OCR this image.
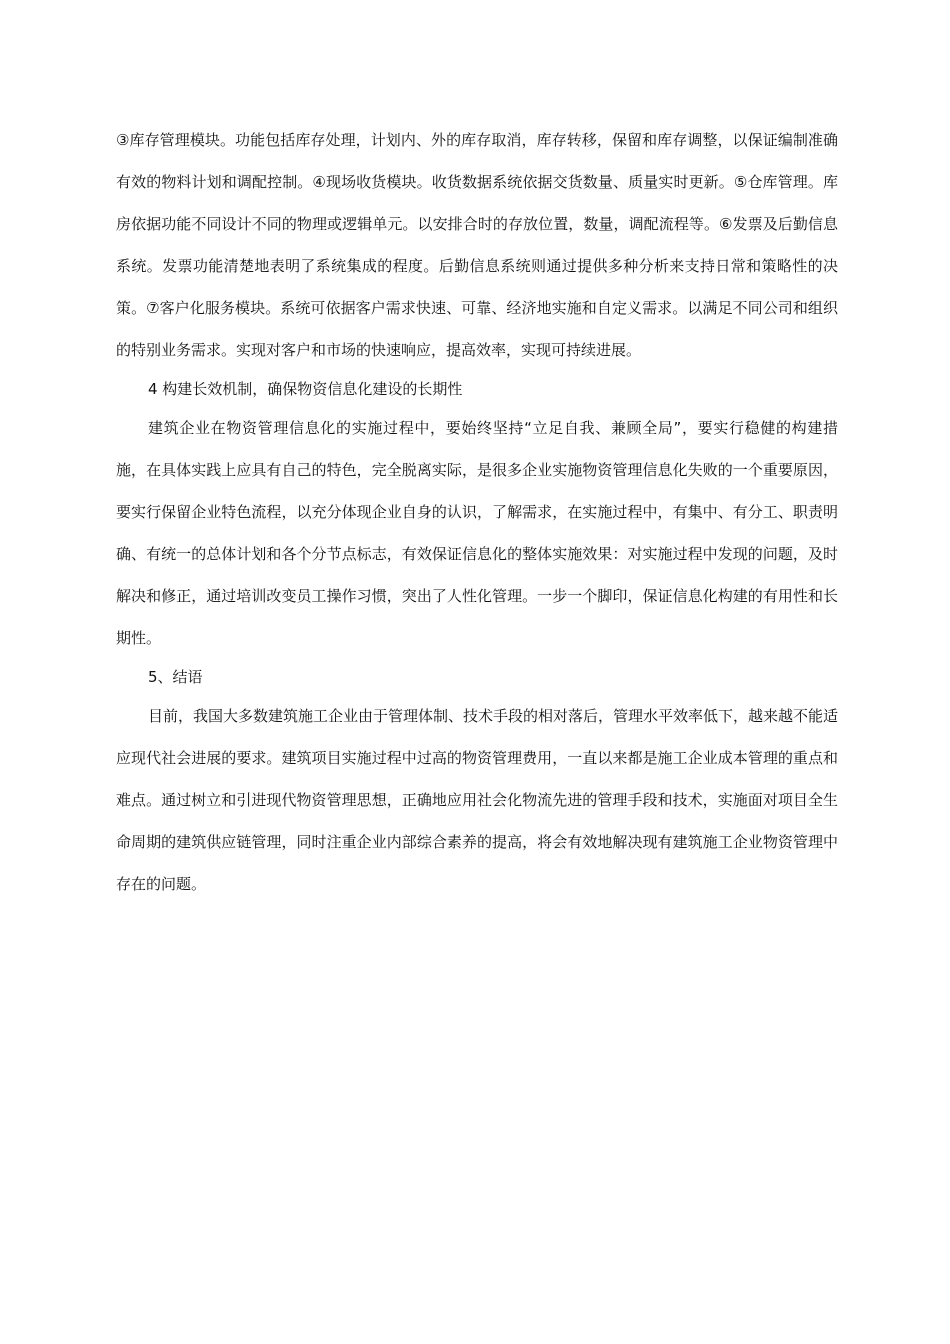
③库存管理模块。功能包括库存处理，计划内、外的库存取消，库存转移，保留和库存调整，以保证编制准确有效的物料计划和调配控制。④现场收货模块。收货数据系统依据交货数量、质量实时更新。⑤仓库管理。库房依据功能不同设计不同的物理或逻辑单元。以安排合时的存放位置，数量，调配流程等。⑥发票及后勤信息系统。发票功能清楚地表明了系统集成的程度。后勤信息系统则通过提供多种分析来支持日常和策略性的决策。⑦客户化服务模块。系统可依据客户需求快速、可靠、经济地实施和自定义需求。以满足不同公司和组织的特别业务需求。实现对客户和市场的快速响应，提高效率，实现可持续进展。

4 构建长效机制，确保物资信息化建设的长期性

建筑企业在物资管理信息化的实施过程中，要始终坚持“立足自我、兼顾全局”，要实行稳健的构建措施，在具体实践上应具有自己的特色，完全脱离实际，是很多企业实施物资管理信息化失败的一个重要原因，要实行保留企业特色流程，以充分体现企业自身的认识，了解需求，在实施过程中，有集中、有分工、职责明确、有统一的总体计划和各个分节点标志，有效保证信息化的整体实施效果：对实施过程中发现的问题，及时解决和修正，通过培训改变员工操作习惯，突出了人性化管理。一步一个脚印，保证信息化构建的有用性和长期性。

5、结语

目前，我国大多数建筑施工企业由于管理体制、技术手段的相对落后，管理水平效率低下，越来越不能适应现代社会进展的要求。建筑项目实施过程中过高的物资管理费用，一直以来都是施工企业成本管理的重点和难点。通过树立和引进现代物资管理思想，正确地应用社会化物流先进的管理手段和技术，实施面对项目全生命周期的建筑供应链管理，同时注重企业内部综合素养的提高，将会有效地解决现有建筑施工企业物资管理中存在的问题。
